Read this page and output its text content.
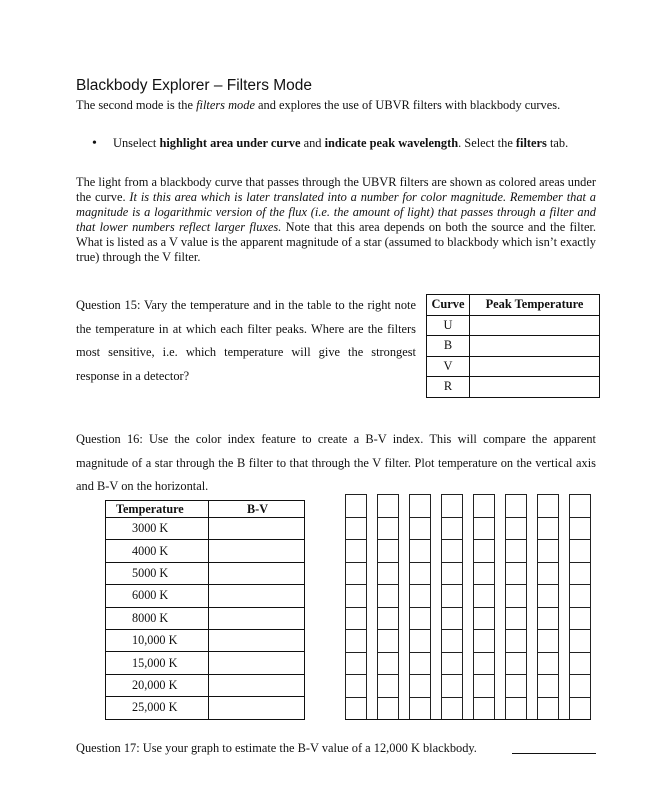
Blackbody Explorer – Filters Mode
The second mode is the filters mode and explores the use of UBVR filters with blackbody curves.
• Unselect highlight area under curve and indicate peak wavelength. Select the filters tab.
The light from a blackbody curve that passes through the UBVR filters are shown as colored areas under the curve. It is this area which is later translated into a number for color magnitude. Remember that a magnitude is a logarithmic version of the flux (i.e. the amount of light) that passes through a filter and that lower numbers reflect larger fluxes. Note that this area depends on both the source and the filter. What is listed as a V value is the apparent magnitude of a star (assumed to blackbody which isn’t exactly true) through the V filter.
Question 15: Vary the temperature and in the table to the right note the temperature in at which each filter peaks. Where are the filters most sensitive, i.e. which temperature will give the strongest response in a detector?
Curve	Peak Temperature
U	
B	
V	
R	
Question 16: Use the color index feature to create a B-V index. This will compare the apparent magnitude of a star through the B filter to that through the V filter. Plot temperature on the vertical axis and B-V on the horizontal.
Temperature	B-V
3000 K	
4000 K	
5000 K	
6000 K	
8000 K	
10,000 K	
15,000 K	
20,000 K	
25,000 K	
Question 17: Use your graph to estimate the B-V value of a 12,000 K blackbody.
